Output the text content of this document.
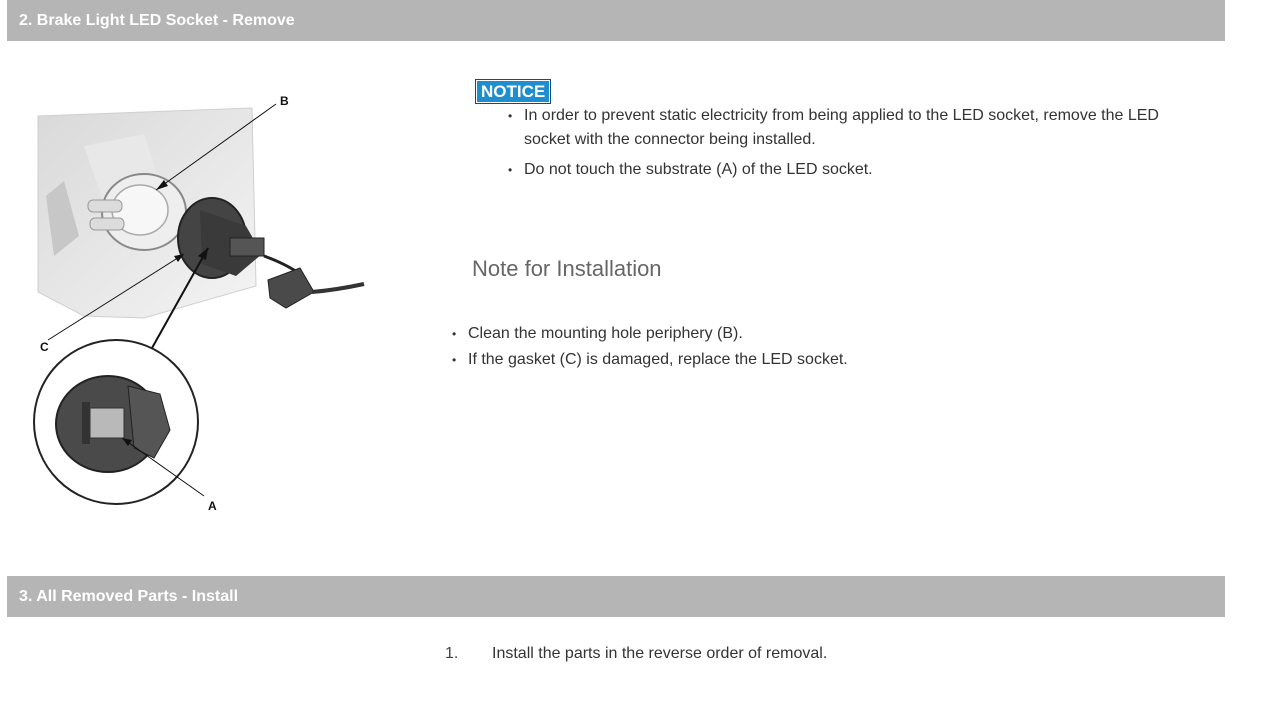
2. Brake Light LED Socket - Remove
B
C
A
NOTICE
• In order to prevent static electricity from being applied to the LED socket, remove the LED socket with the connector being installed.
• Do not touch the substrate (A) of the LED socket.
Note for Installation
• Clean the mounting hole periphery (B).
• If the gasket (C) is damaged, replace the LED socket.
3. All Removed Parts - Install
1. Install the parts in the reverse order of removal.
